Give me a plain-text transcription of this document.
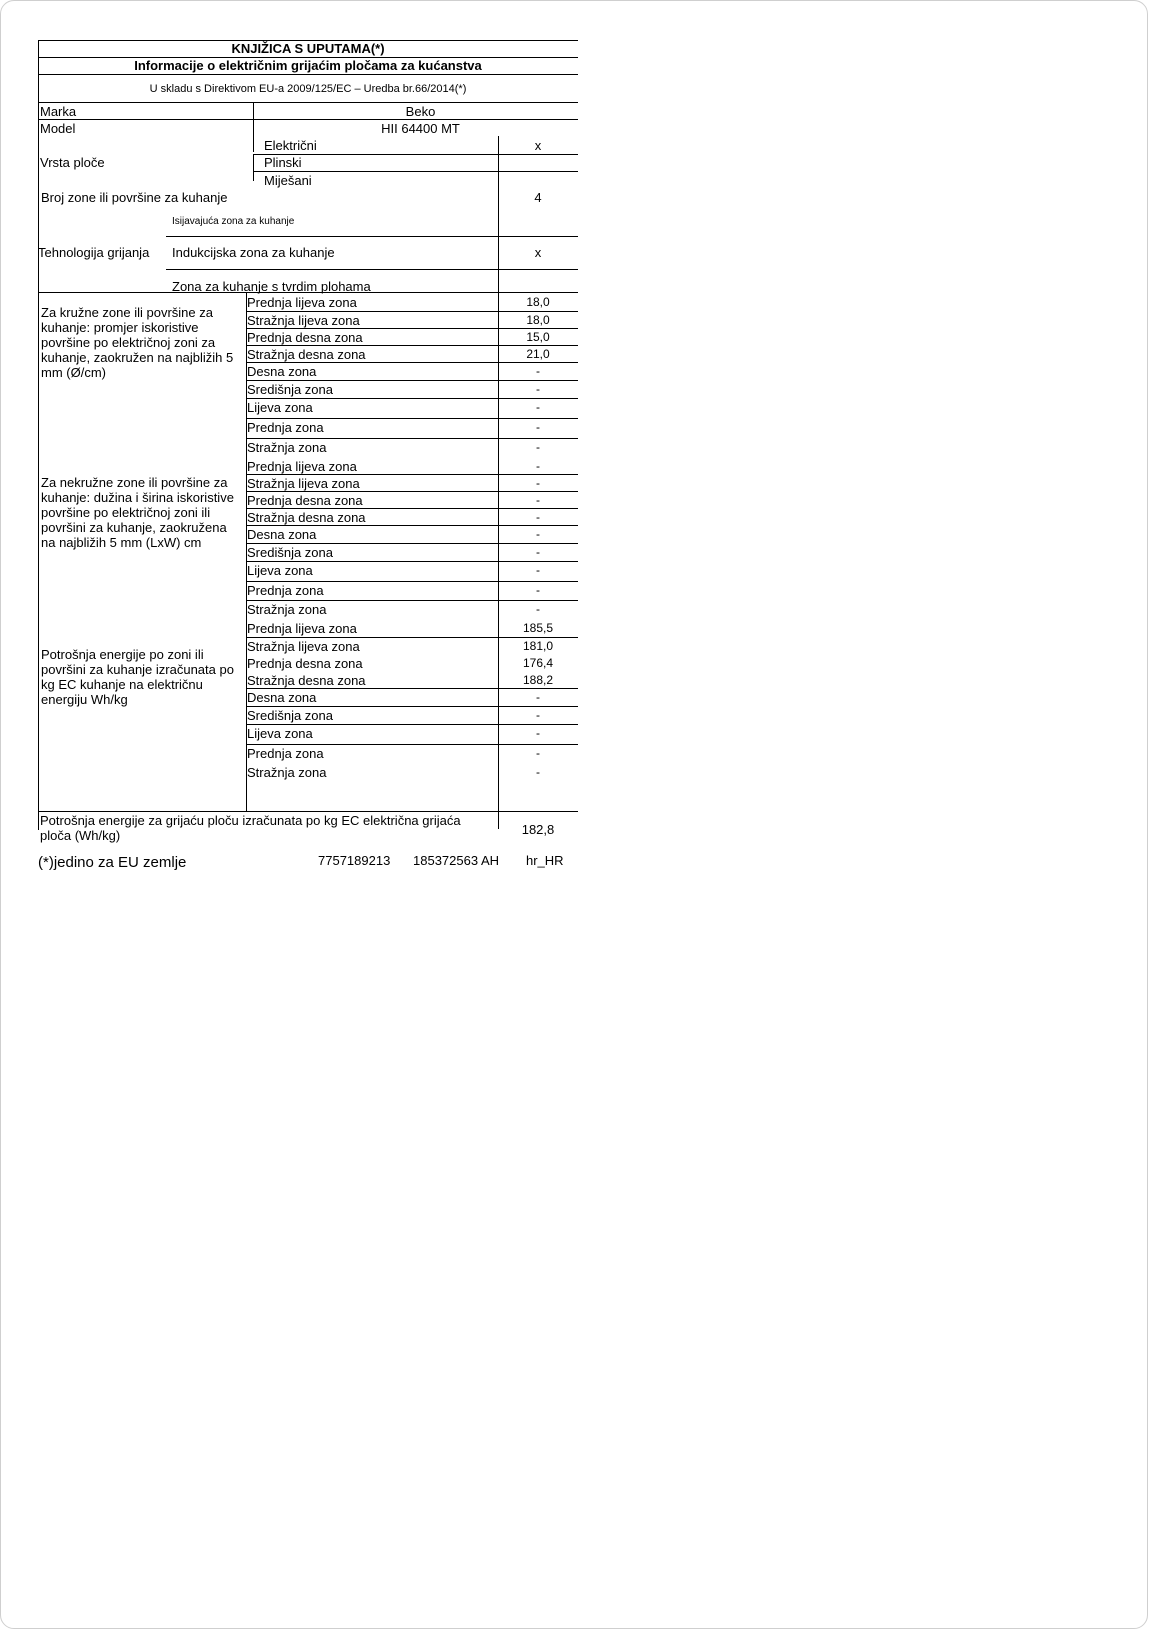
KNJIŽICA S UPUTAMA(*)
Informacije o električnim grijaćim pločama za kućanstva
U skladu s Direktivom EU-a 2009/125/EC – Uredba br.66/2014(*)
Marka	Beko
Model	HII 64400 MT
Vrsta ploče
Električni	x
Plinski
Miješani
Broj zone ili površine za kuhanje	4
Tehnologija grijanja
Isijavajuća zona za kuhanje
Indukcijska zona za kuhanje	x
Zona za kuhanje s tvrdim plohama
Za kružne zone ili površine za kuhanje: promjer iskoristive površine po električnoj zoni za kuhanje, zaokružen na najbližih 5 mm (Ø/cm)
Za nekružne zone ili površine za kuhanje: dužina i širina iskoristive površine po električnoj zoni ili površini za kuhanje, zaokružena na najbližih 5 mm (LxW) cm
Potrošnja energije po zoni ili površini za kuhanje izračunata po kg EC kuhanje na električnu energiju Wh/kg
Prednja lijeva zona	18,0
Stražnja lijeva zona	18,0
Prednja desna zona	15,0
Stražnja desna zona	21,0
Desna zona	-
Središnja zona	-
Lijeva zona	-
Prednja zona	-
Stražnja zona	-
Prednja lijeva zona	-
Stražnja lijeva zona	-
Prednja desna zona	-
Stražnja desna zona	-
Desna zona	-
Središnja zona	-
Lijeva zona	-
Prednja zona	-
Stražnja zona	-
Prednja lijeva zona	185,5
Stražnja lijeva zona	181,0
Prednja desna zona	176,4
Stražnja desna zona	188,2
Desna zona	-
Središnja zona	-
Lijeva zona	-
Prednja zona	-
Stražnja zona	-
Potrošnja energije za grijaću ploču izračunata po kg EC električna grijaća ploča (Wh/kg)	182,8
(*)jedino za EU zemlje	7757189213 185372563 AH hr_HR
